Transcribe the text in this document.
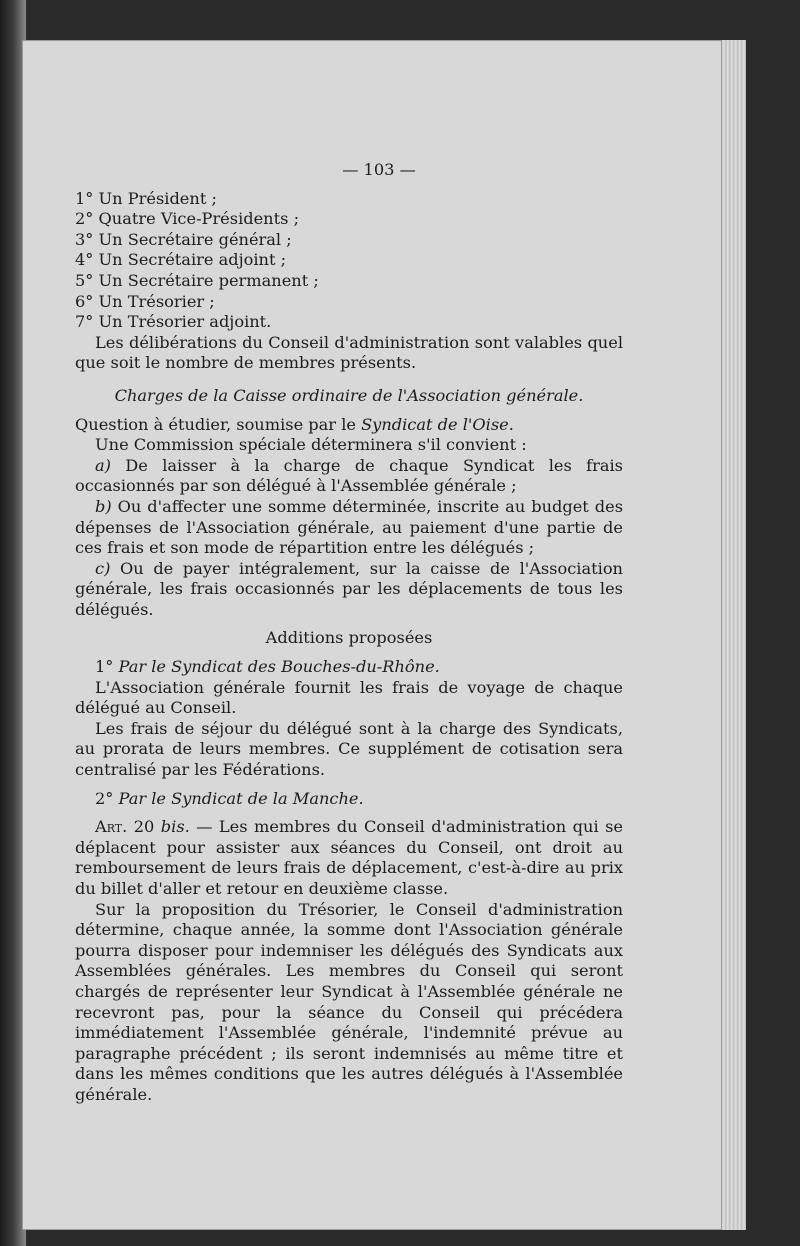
— 103 —
1° Un Président ;
2° Quatre Vice-Présidents ;
3° Un Secrétaire général ;
4° Un Secrétaire adjoint ;
5° Un Secrétaire permanent ;
6° Un Trésorier ;
7° Un Trésorier adjoint.

Les délibérations du Conseil d'administration sont valables quel que soit le nombre de membres présents.

Charges de la Caisse ordinaire de l'Association générale.

Question à étudier, soumise par le Syndicat de l'Oise.

Une Commission spéciale déterminera s'il convient :

a) De laisser à la charge de chaque Syndicat les frais occasionnés par son délégué à l'Assemblée générale ;

b) Ou d'affecter une somme déterminée, inscrite au budget des dépenses de l'Association générale, au paiement d'une partie de ces frais et son mode de répartition entre les délégués ;

c) Ou de payer intégralement, sur la caisse de l'Association générale, les frais occasionnés par les déplacements de tous les délégués.

Additions proposées

1° Par le Syndicat des Bouches-du-Rhône.

L'Association générale fournit les frais de voyage de chaque délégué au Conseil.

Les frais de séjour du délégué sont à la charge des Syndicats, au prorata de leurs membres. Ce supplément de cotisation sera centralisé par les Fédérations.

2° Par le Syndicat de la Manche.

Art. 20 bis. — Les membres du Conseil d'administration qui se déplacent pour assister aux séances du Conseil, ont droit au remboursement de leurs frais de déplacement, c'est-à-dire au prix du billet d'aller et retour en deuxième classe.

Sur la proposition du Trésorier, le Conseil d'administration détermine, chaque année, la somme dont l'Association générale pourra disposer pour indemniser les délégués des Syndicats aux Assemblées générales. Les membres du Conseil qui seront chargés de représenter leur Syndicat à l'Assemblée générale ne recevront pas, pour la séance du Conseil qui précédera immédiatement l'Assemblée générale, l'indemnité prévue au paragraphe précédent ; ils seront indemnisés au même titre et dans les mêmes conditions que les autres délégués à l'Assemblée générale.
